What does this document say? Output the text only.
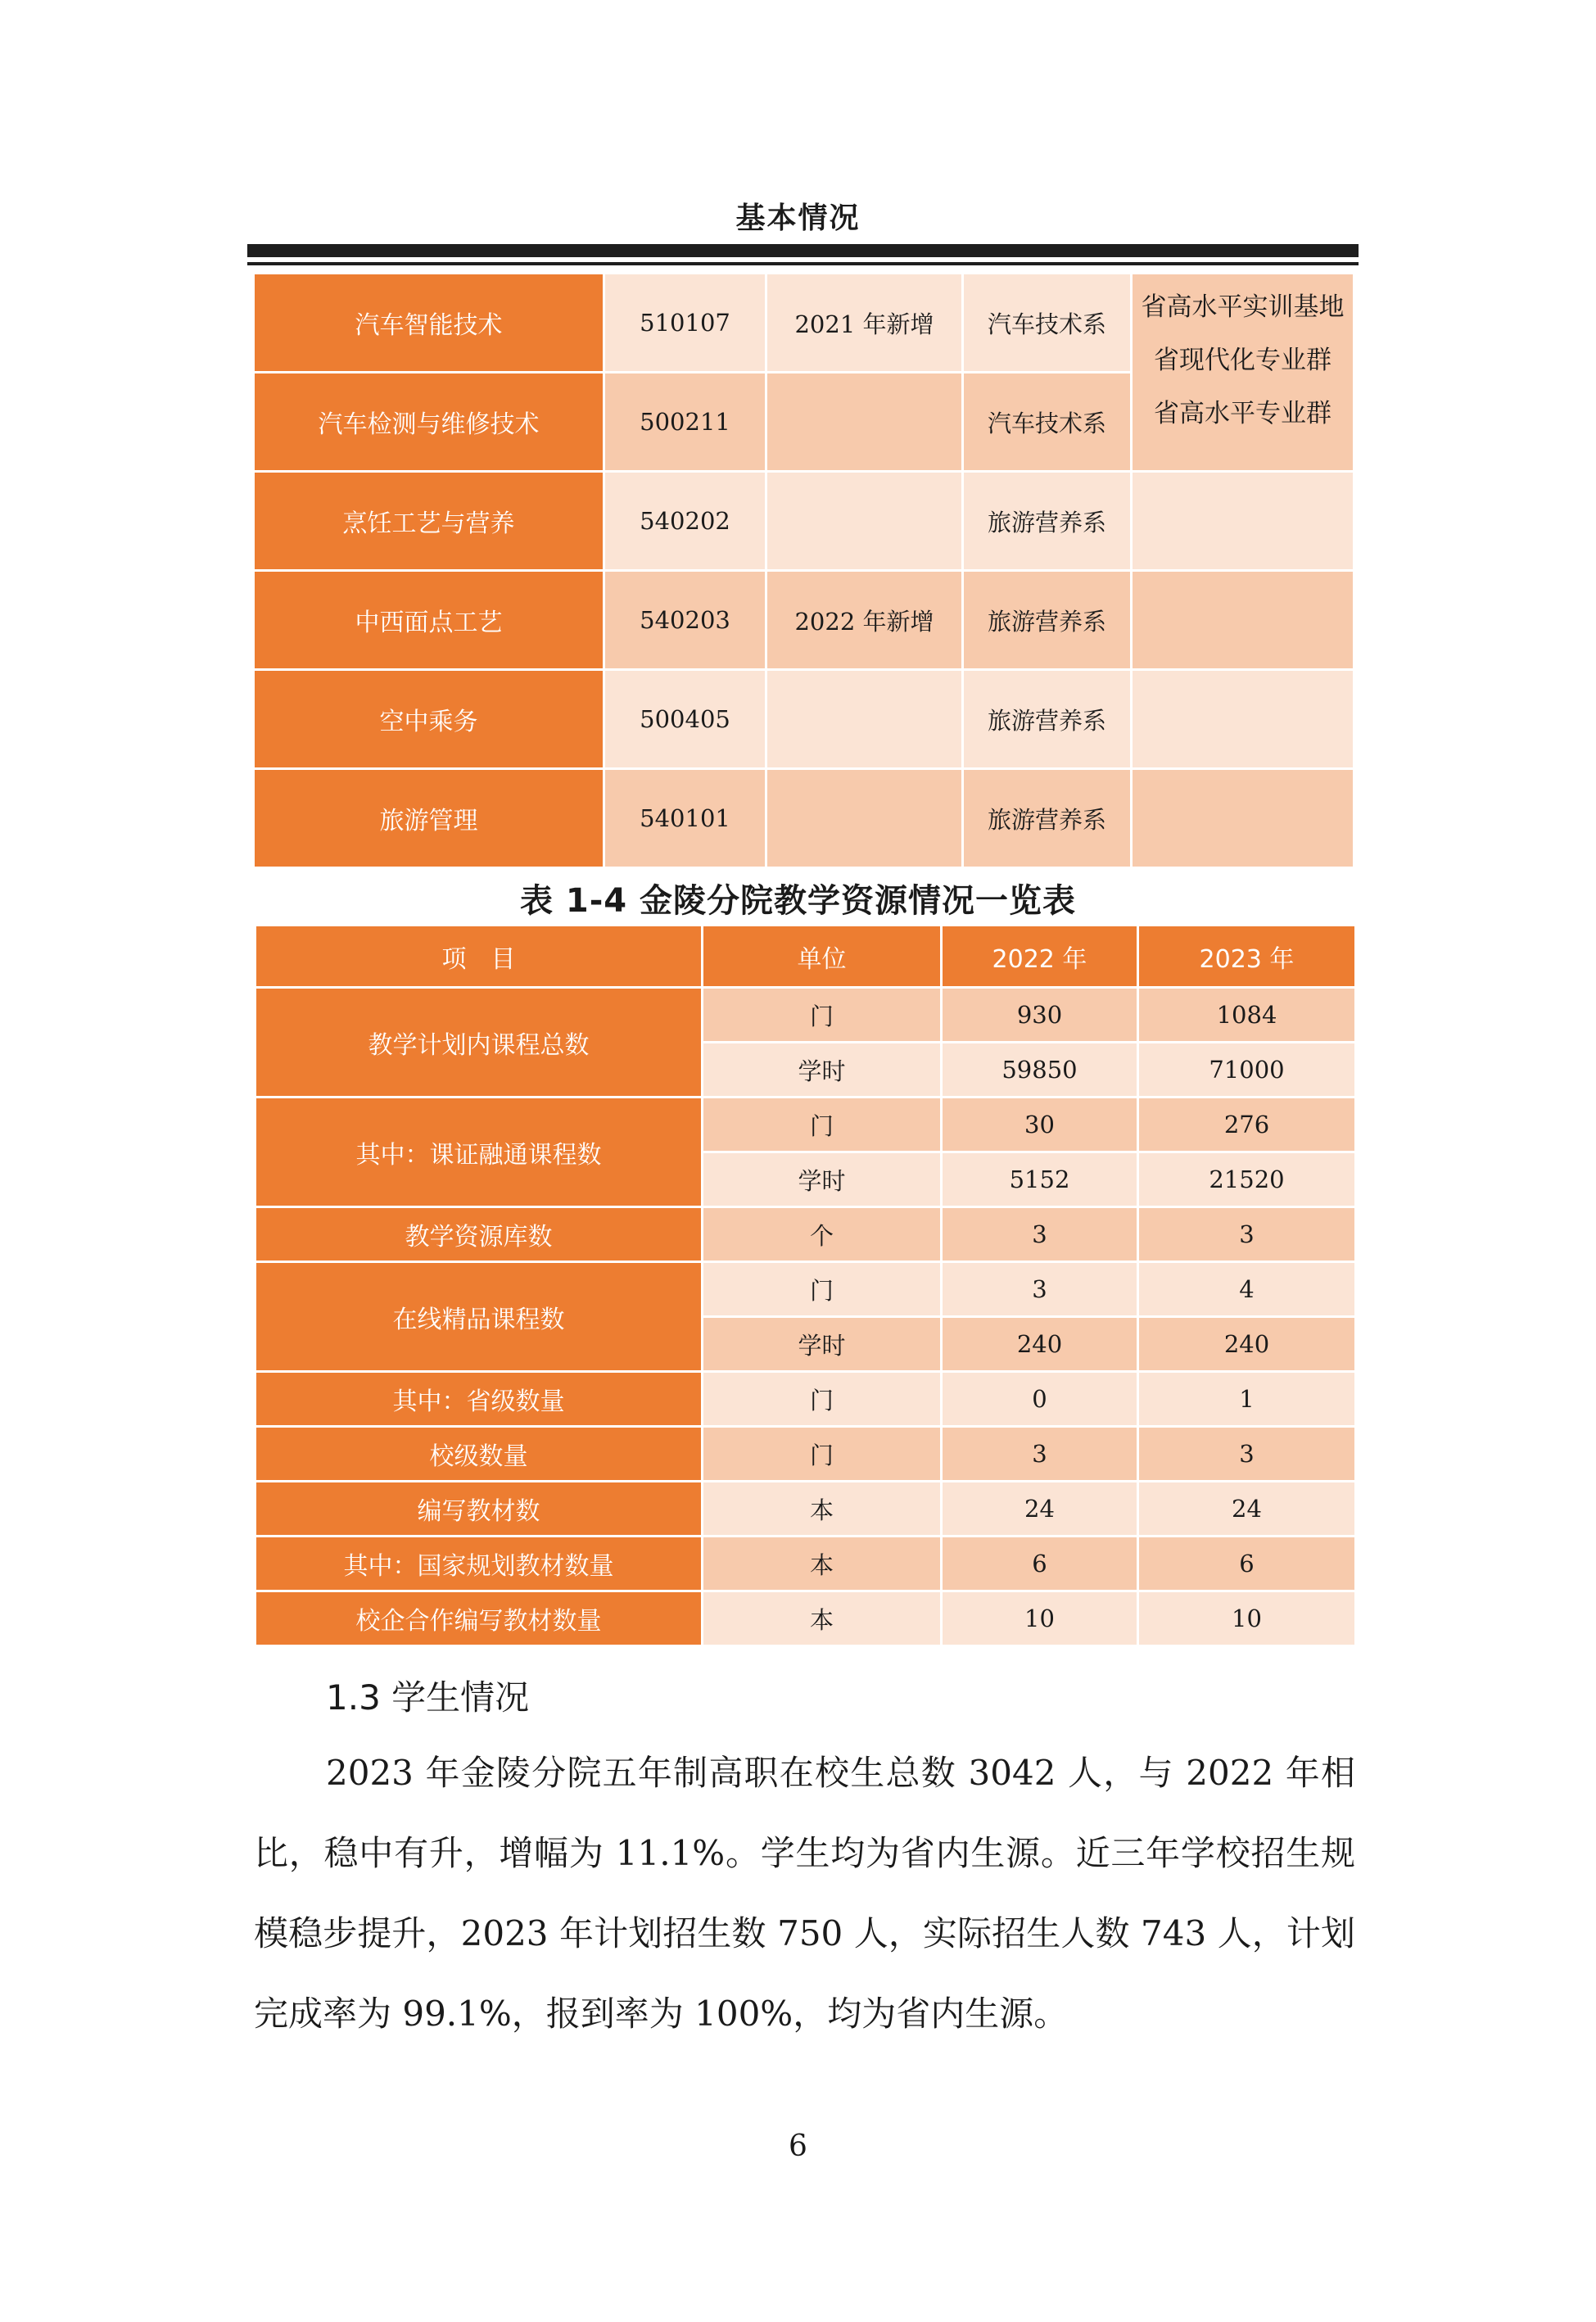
基本情况
汽车智能技术	510107	2021 年新增	汽车技术系	省高水平实训基地
省现代化专业群
省高水平专业群

汽车检测与维修技术	500211		汽车技术系	
烹饪工艺与营养	540202		旅游营养系	
中西面点工艺	540203	2022 年新增	旅游营养系	
空中乘务	500405		旅游营养系	
旅游管理	540101		旅游营养系	
表 1-4 金陵分院教学资源情况一览表
项　目	单位	2022 年	2023 年
教学计划内课程总数	门	930	1084
	学时	59850	71000
其中：课证融通课程数	门	30	276
	学时	5152	21520
教学资源库数	个	3	3
在线精品课程数	门	3	4
	学时	240	240
其中：省级数量	门	0	1
校级数量	门	3	3
编写教材数	本	24	24
其中：国家规划教材数量	本	6	6
校企合作编写教材数量	本	10	10
1.3 学生情况
2023 年金陵分院五年制高职在校生总数 3042 人，与 2022 年相比，稳中有升，增幅为 11.1%。学生均为省内生源。近三年学校招生规模稳步提升，2023 年计划招生数 750 人，实际招生人数 743 人，计划完成率为 99.1%，报到率为 100%，均为省内生源。
6
